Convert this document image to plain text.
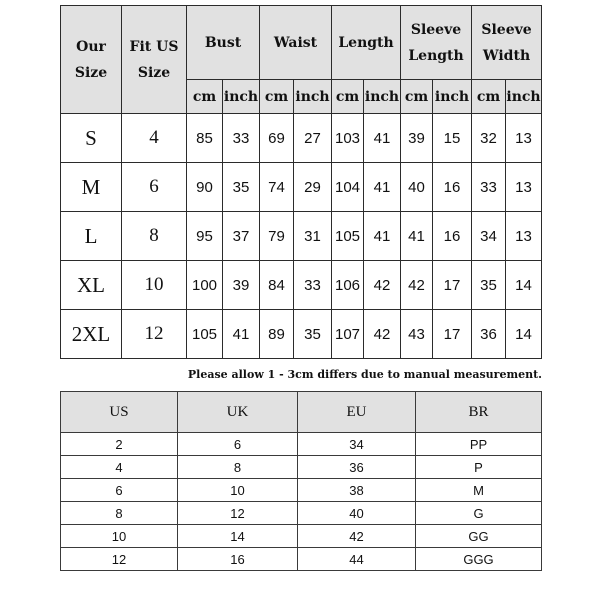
Our Size	Fit US Size	Bust		Waist		Length		Sleeve Length		Sleeve Width	
		cm	inch	cm	inch	cm	inch	cm	inch	cm	inch
S	4	85	33	69	27	103	41	39	15	32	13
M	6	90	35	74	29	104	41	40	16	33	13
L	8	95	37	79	31	105	41	41	16	34	13
XL	10	100	39	84	33	106	42	42	17	35	14
2XL	12	105	41	89	35	107	42	43	17	36	14

Please allow 1 - 3cm differs due to manual measurement.

US	UK	EU	BR
2	6	34	PP
4	8	36	P
6	10	38	M
8	12	40	G
10	14	42	GG
12	16	44	GGG
